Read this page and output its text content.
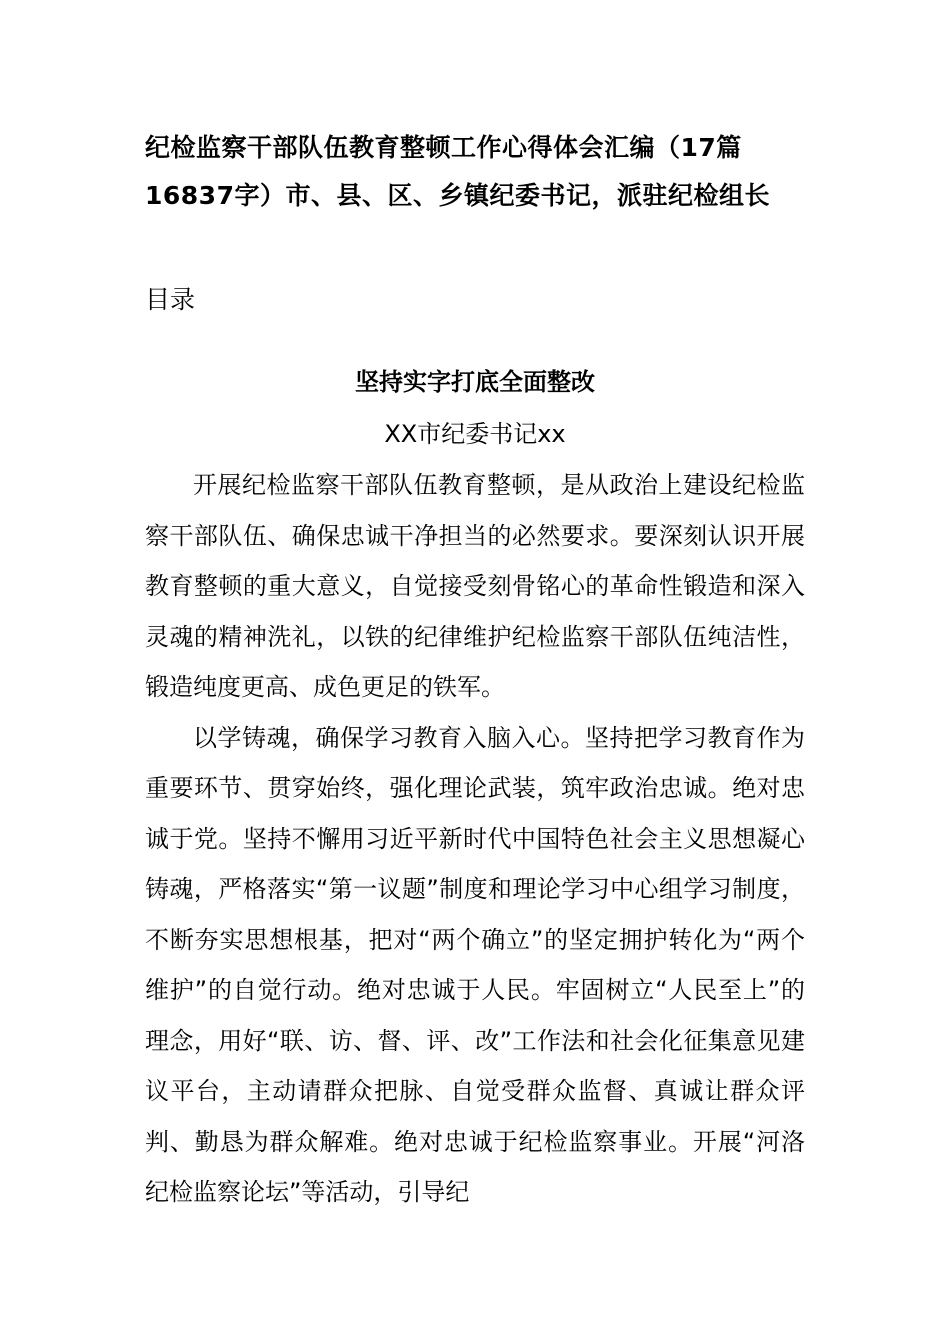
纪检监察干部队伍教育整顿工作心得体会汇编（17篇16837字）市、县、区、乡镇纪委书记，派驻纪检组长

目录

坚持实字打底全面整改

XX市纪委书记xx

开展纪检监察干部队伍教育整顿，是从政治上建设纪检监察干部队伍、确保忠诚干净担当的必然要求。要深刻认识开展教育整顿的重大意义，自觉接受刻骨铭心的革命性锻造和深入灵魂的精神洗礼，以铁的纪律维护纪检监察干部队伍纯洁性，锻造纯度更高、成色更足的铁军。

以学铸魂，确保学习教育入脑入心。坚持把学习教育作为重要环节、贯穿始终，强化理论武装，筑牢政治忠诚。绝对忠诚于党。坚持不懈用习近平新时代中国特色社会主义思想凝心铸魂，严格落实“第一议题”制度和理论学习中心组学习制度，不断夯实思想根基，把对“两个确立”的坚定拥护转化为“两个维护”的自觉行动。绝对忠诚于人民。牢固树立“人民至上”的理念，用好“联、访、督、评、改”工作法和社会化征集意见建议平台，主动请群众把脉、自觉受群众监督、真诚让群众评判、勤恳为群众解难。绝对忠诚于纪检监察事业。开展“河洛纪检监察论坛”等活动，引导纪
